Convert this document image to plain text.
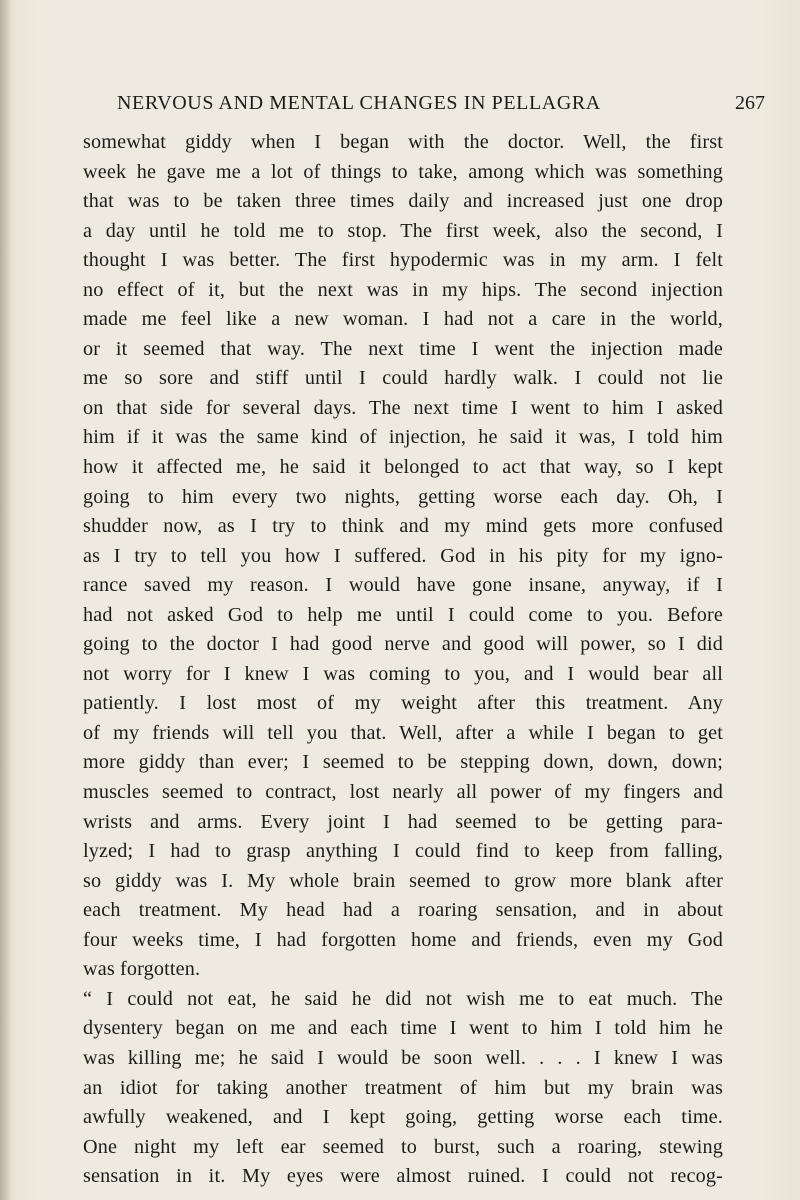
NERVOUS AND MENTAL CHANGES IN PELLAGRA	267
somewhat giddy when I began with the doctor. Well, the first
week he gave me a lot of things to take, among which was something
that was to be taken three times daily and increased just one drop
a day until he told me to stop. The first week, also the second, I
thought I was better. The first hypodermic was in my arm. I felt
no effect of it, but the next was in my hips. The second injection
made me feel like a new woman. I had not a care in the world,
or it seemed that way. The next time I went the injection made
me so sore and stiff until I could hardly walk. I could not lie
on that side for several days. The next time I went to him I asked
him if it was the same kind of injection, he said it was, I told him
how it affected me, he said it belonged to act that way, so I kept
going to him every two nights, getting worse each day. Oh, I
shudder now, as I try to think and my mind gets more confused
as I try to tell you how I suffered. God in his pity for my igno-
rance saved my reason. I would have gone insane, anyway, if I
had not asked God to help me until I could come to you. Before
going to the doctor I had good nerve and good will power, so I did
not worry for I knew I was coming to you, and I would bear all
patiently. I lost most of my weight after this treatment. Any
of my friends will tell you that. Well, after a while I began to get
more giddy than ever; I seemed to be stepping down, down, down;
muscles seemed to contract, lost nearly all power of my fingers and
wrists and arms. Every joint I had seemed to be getting para-
lyzed; I had to grasp anything I could find to keep from falling,
so giddy was I. My whole brain seemed to grow more blank after
each treatment. My head had a roaring sensation, and in about
four weeks time, I had forgotten home and friends, even my God
was forgotten.
“ I could not eat, he said he did not wish me to eat much. The
dysentery began on me and each time I went to him I told him he
was killing me; he said I would be soon well. . . . I knew I was
an idiot for taking another treatment of him but my brain was
awfully weakened, and I kept going, getting worse each time.
One night my left ear seemed to burst, such a roaring, stewing
sensation in it. My eyes were almost ruined. I could not recog-
